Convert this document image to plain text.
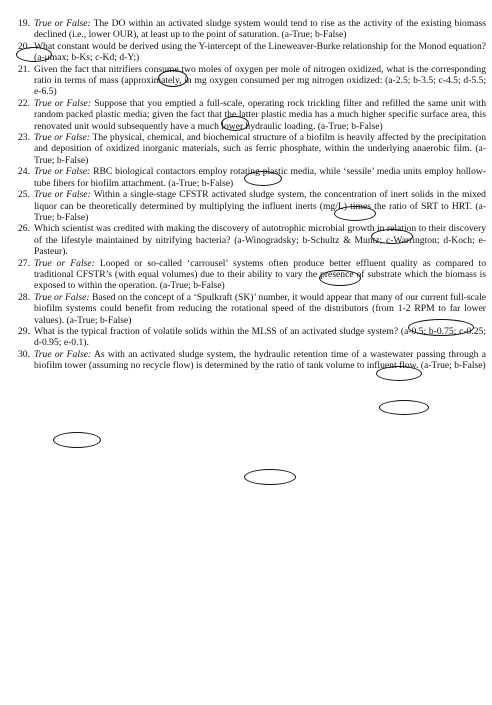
19. True or False: The DO within an activated sludge system would tend to rise as the activity of the existing biomass declined (i.e., lower OUR), at least up to the point of saturation. (a-True; b-False)

20. What constant would be derived using the Y-intercept of the Lineweaver-Burke relationship for the Monod equation? (a-μmax; b-Ks; c-Kd; d-Y;)

21. Given the fact that nitrifiers consume two moles of oxygen per mole of nitrogen oxidized, what is the corresponding ratio in terms of mass (approximately, in mg oxygen consumed per mg nitrogen oxidized: (a-2.5; b-3.5; c-4.5; d-5.5; e-6.5)

22. True or False: Suppose that you emptied a full-scale, operating rock trickling filter and refilled the same unit with random packed plastic media; given the fact that the latter plastic media has a much higher specific surface area, this renovated unit would subsequently have a much lower hydraulic loading. (a-True; b-False)

23. True or False: The physical, chemical, and biochemical structure of a biofilm is heavily affected by the precipitation and deposition of oxidized inorganic materials, such as ferric phosphate, within the underlying anaerobic film. (a-True; b-False)

24. True or False: RBC biological contactors employ rotating plastic media, while ‘sessile’ media units employ hollow-tube fibers for biofilm attachment. (a-True; b-False)

25. True or False: Within a single-stage CFSTR activated sludge system, the concentration of inert solids in the mixed liquor can be theoretically determined by multiplying the influent inerts (mg/L) times the ratio of SRT to HRT. (a-True; b-False)

26. Which scientist was credited with making the discovery of autotrophic microbial growth in relation to their discovery of the lifestyle maintained by nitrifying bacteria? (a-Winogradsky; b-Schultz & Muntz; c-Warrington; d-Koch; e-Pasteur).

27. True or False: Looped or so-called ‘carrousel’ systems often produce better effluent quality as compared to traditional CFSTR’s (with equal volumes) due to their ability to vary the presence of substrate which the biomass is exposed to within the operation. (a-True; b-False)

28. True or False: Based on the concept of a ‘Spulkraft (SK)’ number, it would appear that many of our current full-scale biofilm systems could benefit from reducing the rotational speed of the distributors (from 1-2 RPM to far lower values). (a-True; b-False)

29. What is the typical fraction of volatile solids within the MLSS of an activated sludge system? (a-0.5; b-0.75; c-0.25; d-0.95; e-0.1).

30. True or False: As with an activated sludge system, the hydraulic retention time of a wastewater passing through a biofilm tower (assuming no recycle flow) is determined by the ratio of tank volume to influent flow. (a-True; b-False)
